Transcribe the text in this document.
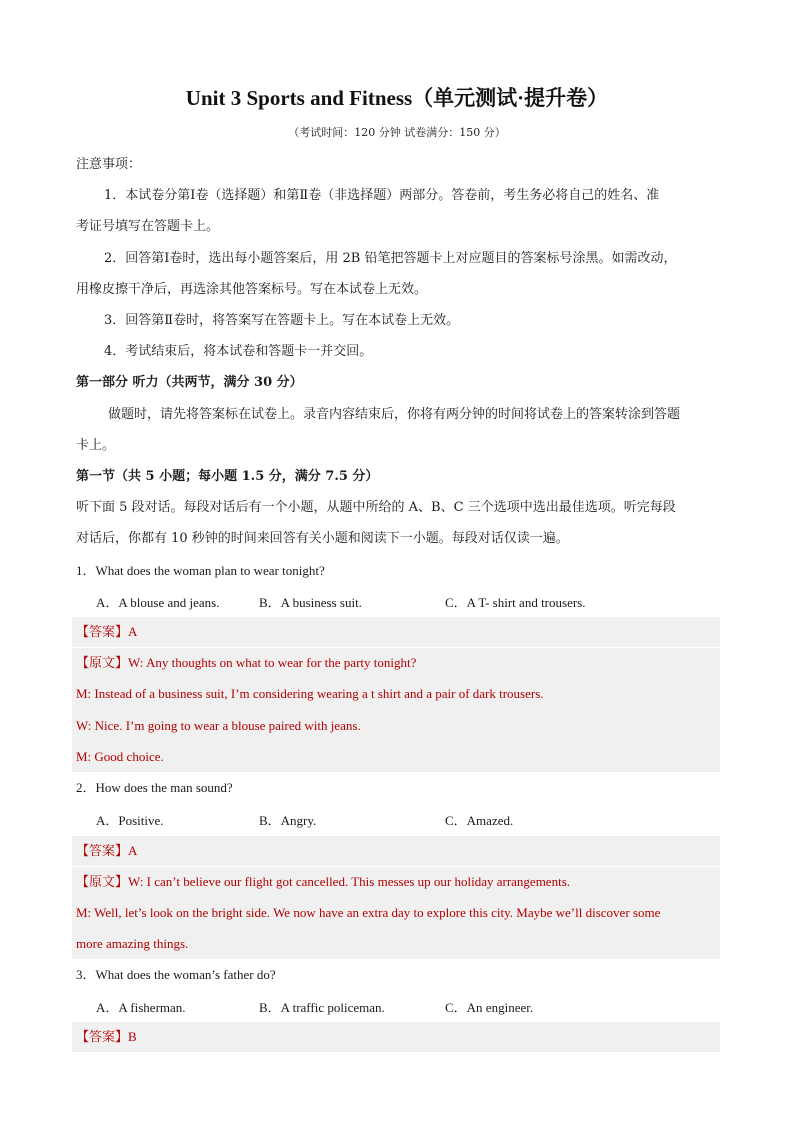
Unit 3 Sports and Fitness（单元测试·提升卷）
（考试时间：120 分钟 试卷满分：150 分）
注意事项：
1．本试卷分第Ⅰ卷（选择题）和第Ⅱ卷（非选择题）两部分。答卷前，考生务必将自己的姓名、准
考证号填写在答题卡上。
2．回答第Ⅰ卷时，选出每小题答案后，用 2B 铅笔把答题卡上对应题目的答案标号涂黑。如需改动，
用橡皮擦干净后，再选涂其他答案标号。写在本试卷上无效。
3．回答第Ⅱ卷时，将答案写在答题卡上。写在本试卷上无效。
4．考试结束后，将本试卷和答题卡一并交回。
第一部分 听力（共两节，满分 30 分）
做题时，请先将答案标在试卷上。录音内容结束后，你将有两分钟的时间将试卷上的答案转涂到答题
卡上。
第一节（共 5 小题；每小题 1.5 分，满分 7.5 分）
听下面 5 段对话。每段对话后有一个小题，从题中所给的 A、B、C 三个选项中选出最佳选项。听完每段
对话后，你都有 10 秒钟的时间来回答有关小题和阅读下一小题。每段对话仅读一遍。
1．What does the woman plan to wear tonight?
A．A blouse and jeans.	B．A business suit.	C．A T- shirt and trousers.
【答案】A
【原文】W: Any thoughts on what to wear for the party tonight?
M: Instead of a business suit, I’m considering wearing a t shirt and a pair of dark trousers.
W: Nice. I’m going to wear a blouse paired with jeans.
M: Good choice.
2．How does the man sound?
A．Positive.	B．Angry.	C．Amazed.
【答案】A
【原文】W: I can’t believe our flight got cancelled. This messes up our holiday arrangements.
M: Well, let’s look on the bright side. We now have an extra day to explore this city. Maybe we’ll discover some
more amazing things.
3．What does the woman’s father do?
A．A fisherman.	B．A traffic policeman.	C．An engineer.
【答案】B
